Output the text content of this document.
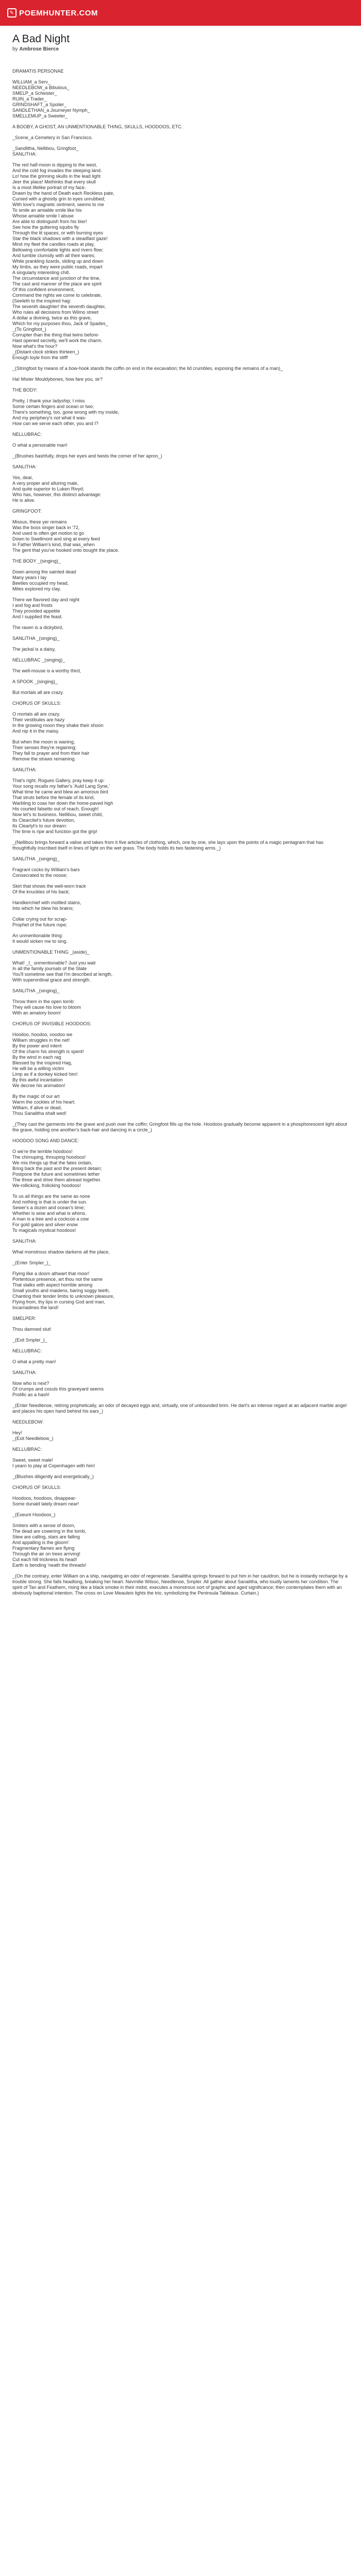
✎ POEMHUNTER.COM
A Bad Night
by Ambrose Bierce
DRAMATIS PERSONAE
WILLIAM_a Serv_
NEEDLEBOW_a Bibulous_
SMELP_a Scheister_
RUIN_a Trader_
GRINDSHAFT_a Spoiler_
SANDLETHAN_a Journeyer Nymph_
SMELLEMUP_a Sweeter_
A BOOBY, A GHOST, AN UNMENTIONABLE THING, SKULLS, HOODOOS, ETC.
_Scene_a Cemetery in San Francisco.
_Sandlitha, Nellibou, Gringfoot_
SANLITHA:
The red half-moon is dipping to the west,
And the cold fog invades the sleeping land.
Lo! how the grinning skulls in the lead light
Jeer the place! Methinks that every skull
Is a most lifelike portrait of my face.
Drawn by the hand of Death each Reckless pate,
Cursed with a ghostly grin to eyes unrubbed;
With love's magnetic ointment, seems to me
To smile an amiable smile like his
Whose amiable smile I abuse
Are able to distinguish from his bier!
See how the guttering squibs fly
Through the lit spaces, or with burning eyes
Star the black shadows with a steadfast gaze!
Mind my fleet the candles roads at play,
Bellowing comfortable lights and rivers flow;
And tumble clumsily with all their wares;
While prankling lizards, sliding up and down
My limbs, as they were public roads, impart
A singularly interesting chill.
The circumstance and junction of the time,
The cast and manner of the place are spirit
Of this confident environment,
Command the rights we come to celebrate,
(Seeleth to the inspired hag:
The seventh daughter! the seventh daughter,
Who rules all decisions from Wilmo street
A dollar a divining, twice as this grave,
Which for my purposes thou, Jack of Spades_
_(To Gringfoot_)
Corrupter than the thing that twins before-
Hast opened secretly, we'll work the charm.
Now what's the hour?
_(Distant clock strikes thirteen_)
Enough toyle from the stiff!
_(Stringfoot by means of a bow-hook stands the coffin on end in the excavation; the lid crumbles, exposing the remains of a man)_
Ha! Mister Mouldybones, how fare you, sir?
THE BODY:
Pretty, I thank your ladyship; I miss
Some certain fingers and ocean or two;
There's something, too, gone wrong with my inside,
And my periphery's not what it was-
How can we serve each other, you and I?
NELLUBRAC:
O what a personable man!
_(Brushes bashfully, drops her eyes and twists the corner of her apron_)
SANLITHA:
Yes, dear,
A very proper and alluring male,
And quite superior to Luken Rivyd;
Who has, however, this distinct advantage:
He is alive.
GRINGFOOT:
Missus, these yer remains
Was the boss singer back in '72,
And used to often get motion to go
Down to Swellmont and sing at every feed
In Father William's kind, that was_when
The gent that you've hooked onto bought the place.
THE BODY _(singing)_
Down among the sainted dead
Many years I lay
Beetles occupied my head,
Mites explored my clay.
There we flavored day and night
I and fog and frosts
They provided appetite
And I supplied the feast.
The raven is a dickybird,
SANLITHA _(singing)_
The jackal is a daisy,
NELLUBRAC _(singing)_
The well-mouse is a worthy third,
A SPOOK _(singing)_
But mortals all are crazy.
CHORUS OF SKULLS:
O mortals all are crazy.
Their vestibules are hazy
In the growing moon they shake their shoon
And nip it in the maisy.
But when the moon is waning,
Their senses they're regaining;
They fall to prayer and from their hair
Remove the straws remaining.
SANLITHA:
That's right, Rogues Gallery, pray keep it up:
Your song recalls my father's 'Auld Lang Syne,'
What time he came and blew an amorous bird
That struts before the female of its kind,
Warbling to coax her down the home-paved high
His courted falsetto out of reach, Enough!
Now let's to business. Nellibou, sweet child,
Its Clearcliet's future devotion,
Its Clearlyt's to our dream:
The time is ripe and function got the grip!
_(Nellibou brings forward a valise and takes from it five articles of clothing, which, one by one, she lays upon the points of a magic pentagram that has thoughtfully inscribed itself in lines of light on the wet grass. The body holds its two fastening arms._)
SANLITHA _(singing)_
Fragrant cocks by William's bars
Consecrated to the noose;
Skirt that shows the well-worn track
Of the knuckles of his back;
Handkerchief with mottled stains,
Into which he blew his brains;
Collar crying out for scrap-
Prophet of the future rope;
An unmentionable thing:
It would sicken me to sing.
UNMENTIONABLE THING _(aside)_
What! _I_ unmentionable? Just you wait
In all the family journals of the State
You'll sometime see that I'm described at length,
With superordinal grace and strength.
SANLITHA _(singing)_
Throw them in the open tomb:
They will cause his love to bloom
With an amatory boom!
CHORUS OF INVISIBLE HOODOOS:
Hoodoo, hoodoo, voodoo we
William struggles in the net!
By the power and intent
Of the charm his strength is spent!
By the wind in each rag
Blessed by the inspired Hag,
He will be a willing victim
Limp as if a donkey kicked him!
By this awful incantation
We decree his animation!
By the magic of our art
Warm the cockles of his heart;
William, if alive or dead,
Thou Sanalitha shalt wed!
_(They cast the garments into the grave and push over the coffin; Gringfoot fills up the hole. Hoodoos gradually become apparent in a phosphorescent light about the grave, holding one another's back-hair and dancing in a circle_)
HOODOO SONG AND DANCE:
O we're the terrible hoodoos!
The chimuping, thrsuping hoodoos!
We mix things up that the fates ordain,
Bring back the past and the present detain;
Postpone the future and sometimes tether
The three and drive them abreast together.
We-rollicking, frolicking hoodoos!
To us all things are the same as none
And nothing is that is under the sun.
Sewer's a dozen and ocean's time;
Whether is wise and what is whims.
A man is a tree and a cockcoo a cow
For gold galore and silver enow
To magicals mystical hoodoos!
SANLITHA:
What monstrous shadow darkens all the place,
_(Enter Smpler_)_
Flying like a doom athwart that moor!
Portentous presence, art thou not the same
That stalks with aspect horrible among
Small youths and maidens, baring soggy teeth,
Chanting their tender limbs to unknown pleasure,
Flying from, thy lips in cursing God and man,
Incarnadines the land!
SMELPER:
Thou damned slut!
_(Exit Smpler_)_
NELLUBRAC:
O what a pretty man!
SANLITHA:
Now who is next?
Of crumps and cosuls this graveyard seems
Prolific as a hash!
_(Enter Needlenoe, retiring prophetically, an odor of decayed eggs and, virtually, one of unbounded brim. He dart's an intense regard at an adjacent marble angel and places his open hand behind his ears_)
NEEDLEBOW:
Hey!
_(Exit Needlebow_)
NELLUBRAC:
Sweet, sweet male!
I yearn to play at Copenhagen with him!
_(Blushes diligently and energetically_)
CHORUS OF SKULLS:
Hoodoos, hoodoos, disappear-
Some dunald lately dream near!
_(Exeunt Hoodoos_)
Smiters with a sense of doom,
The dead are cowering in the tomb,
Stew are calling, stars are falling
And appalling is the gloom!
Fragmentary flames are flying
Through the air on trees arriving!
Cut each hill trickness its head!
Earth is bending 'neath the threads!
_(On the contrary, enter William on a ship, navigating an odor of regenerate. Sanalitha springs forward to put him in her cauldron, but he is instantly recharge by a trouble strong. She falls headlong, breaking her heart. Nevmilie Wilsoc, Needlenoe, Smpler. All gather about Sanalitha, who loudly laments her condition. The spirit of Tan and Feathern, rising like a black smoke in their midst, executes a monstrous sort of graphic and aged significance; then contemplates them with an obviously baptismal intention. The cross on Love Meauleis lights the trio, symbolizing the Peninsula Tableaux. Curtain.)
